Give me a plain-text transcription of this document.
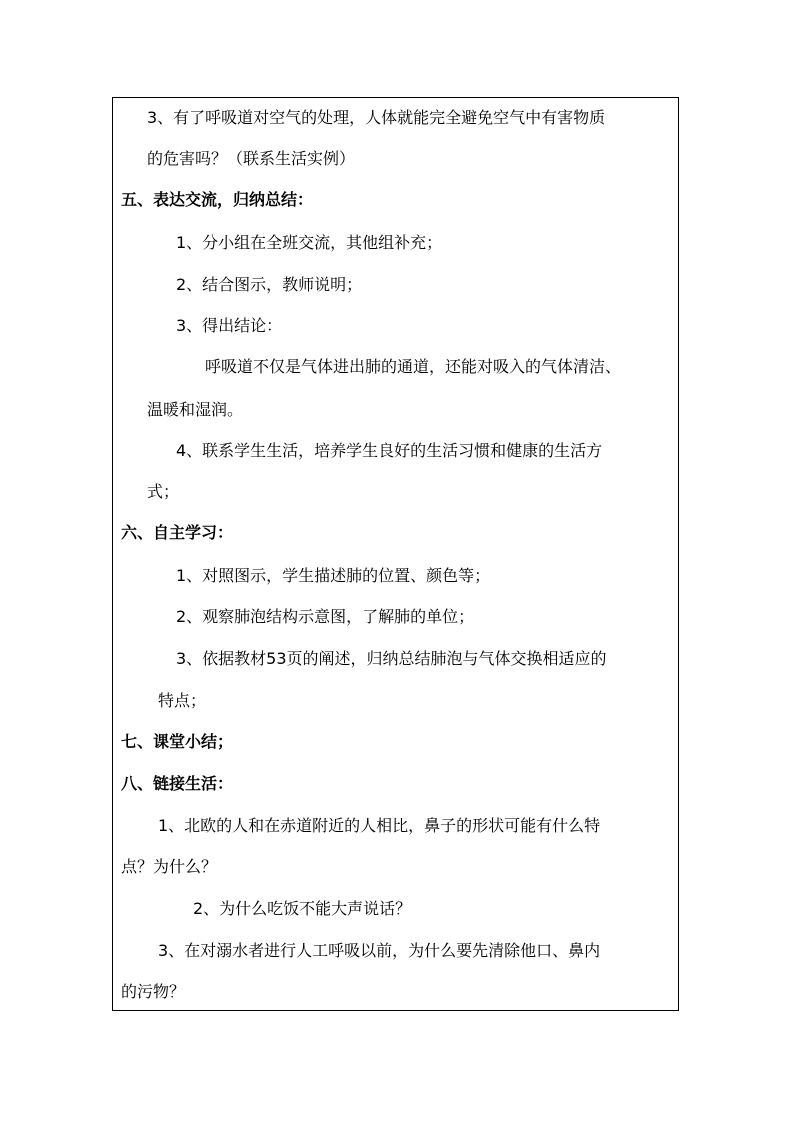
3、有了呼吸道对空气的处理，人体就能完全避免空气中有害物质
的危害吗？（联系生活实例）
五、表达交流，归纳总结：
1、分小组在全班交流，其他组补充；
2、结合图示，教师说明；
3、得出结论：
呼吸道不仅是气体进出肺的通道，还能对吸入的气体清洁、
温暖和湿润。
4、联系学生生活，培养学生良好的生活习惯和健康的生活方
式；
六、自主学习：
1、对照图示，学生描述肺的位置、颜色等；
2、观察肺泡结构示意图，了解肺的单位；
3、依据教材53页的阐述，归纳总结肺泡与气体交换相适应的
特点；
七、课堂小结；
八、链接生活：
1、北欧的人和在赤道附近的人相比，鼻子的形状可能有什么特
点？为什么？
2、为什么吃饭不能大声说话？
3、在对溺水者进行人工呼吸以前，为什么要先清除他口、鼻内
的污物？
